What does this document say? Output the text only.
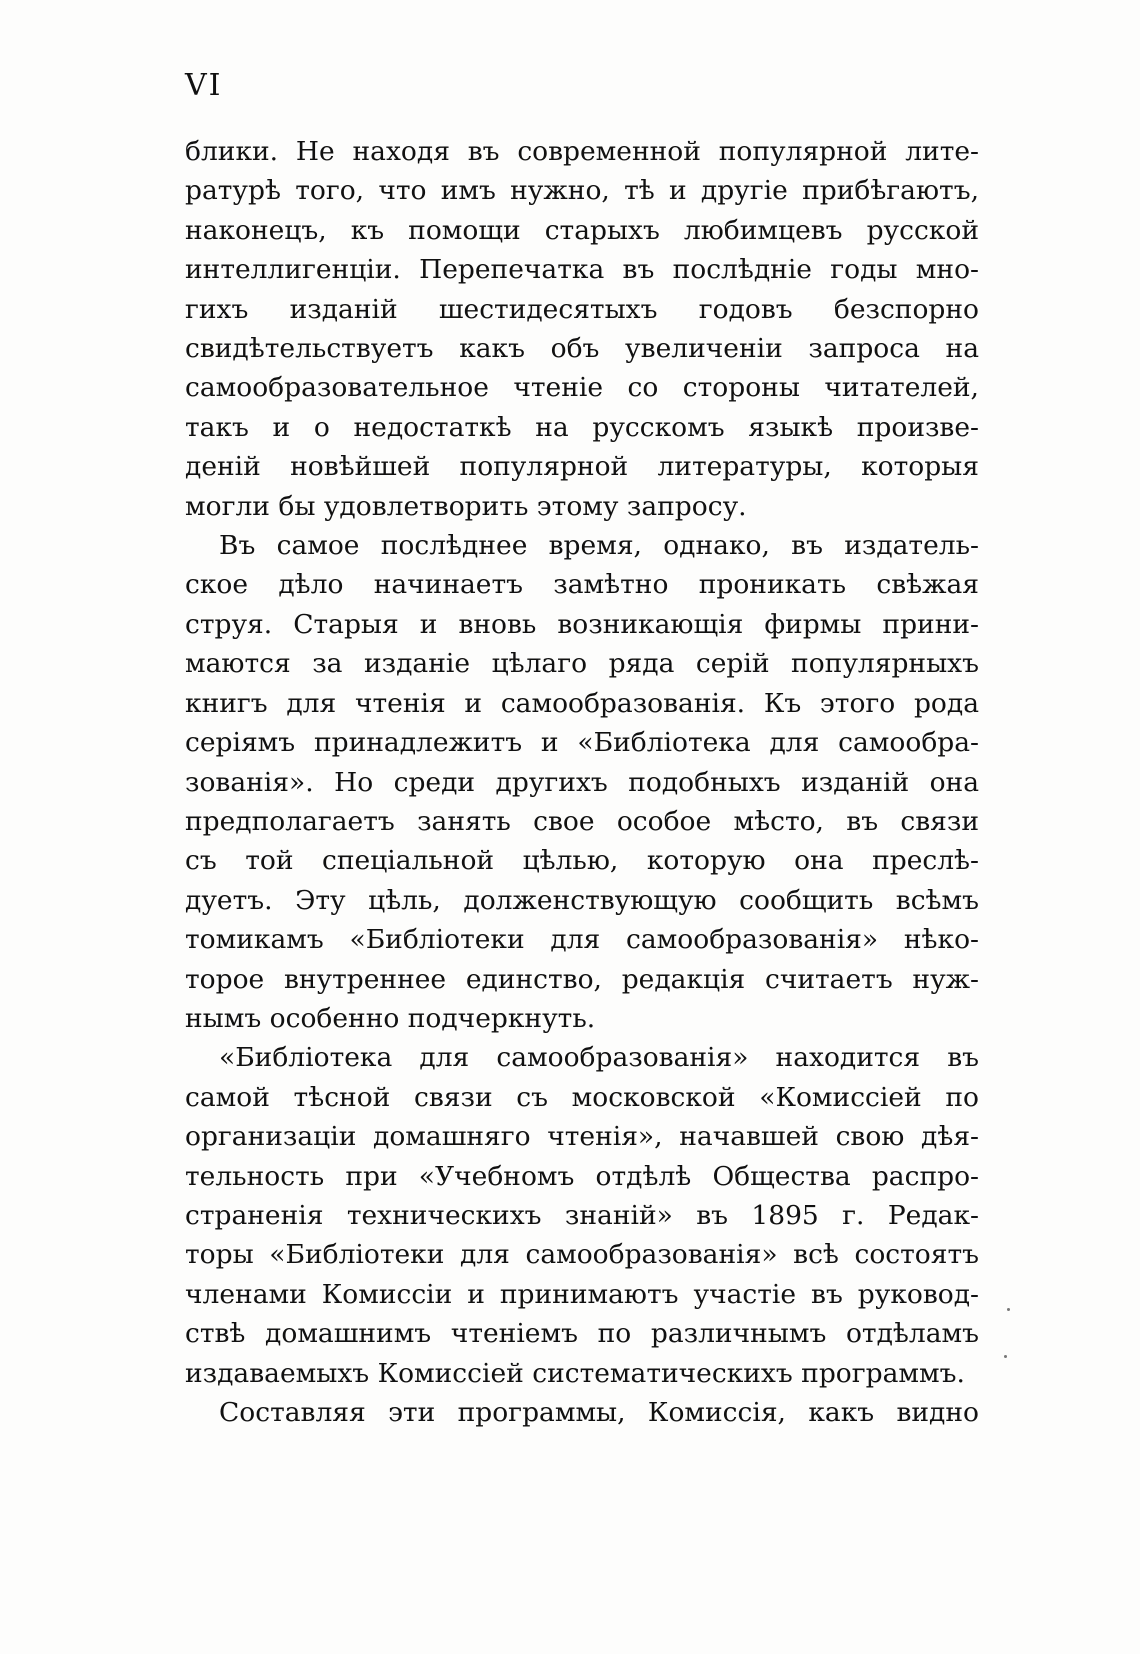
VI
блики. Не находя въ современной популярной лите-
ратурѣ того, что имъ нужно, тѣ и другіе прибѣгаютъ,
наконецъ, къ помощи старыхъ любимцевъ русской
интеллигенціи. Перепечатка въ послѣдніе годы мно-
гихъ изданій шестидесятыхъ годовъ безспорно
свидѣтельствуетъ какъ объ увеличеніи запроса на
самообразовательное чтеніе со стороны читателей,
такъ и о недостаткѣ на русскомъ языкѣ произве-
деній новѣйшей популярной литературы, которыя
могли бы удовлетворить этому запросу.
Въ самое послѣднее время, однако, въ издатель-
ское дѣло начинаетъ замѣтно проникать свѣжая
струя. Старыя и вновь возникающія фирмы прини-
маются за изданіе цѣлаго ряда серій популярныхъ
книгъ для чтенія и самообразованія. Къ этого рода
серіямъ принадлежитъ и «Библіотека для самообра-
зованія». Но среди другихъ подобныхъ изданій она
предполагаетъ занять свое особое мѣсто, въ связи
съ той спеціальной цѣлью, которую она преслѣ-
дуетъ. Эту цѣль, долженствующую сообщить всѣмъ
томикамъ «Библіотеки для самообразованія» нѣко-
торое внутреннее единство, редакція считаетъ нуж-
нымъ особенно подчеркнуть.
«Библіотека для самообразованія» находится въ
самой тѣсной связи съ московской «Комиссіей по
организаціи домашняго чтенія», начавшей свою дѣя-
тельность при «Учебномъ отдѣлѣ Общества распро-
страненія техническихъ знаній» въ 1895 г. Редак-
торы «Библіотеки для самообразованія» всѣ состоятъ
членами Комиссіи и принимаютъ участіе въ руковод-
ствѣ домашнимъ чтеніемъ по различнымъ отдѣламъ
издаваемыхъ Комиссіей систематическихъ программъ.
Составляя эти программы, Комиссія, какъ видно
